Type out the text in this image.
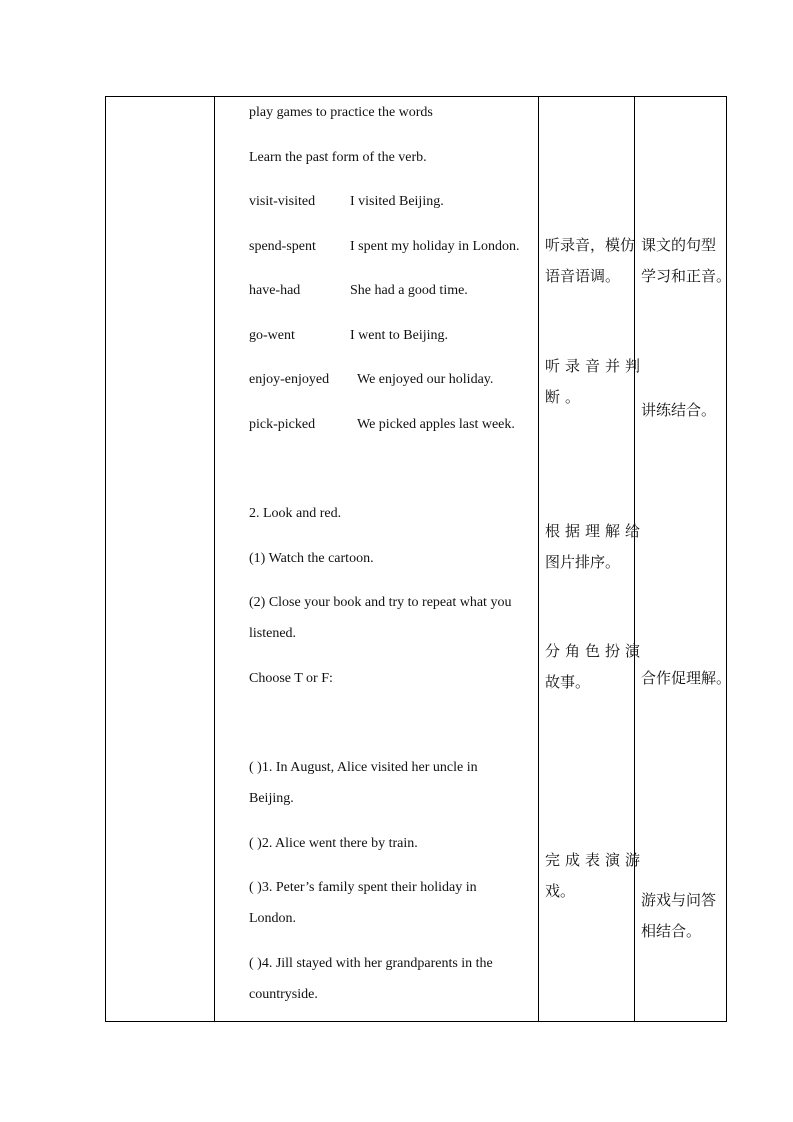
play games to practice the words
Learn the past form of the verb.
visit-visited I visited Beijing.
spend-spent I spent my holiday in London.
have-had	She had a good time.
go-went	I went to Beijing.
enjoy-enjoyed We enjoyed our holiday.
pick-picked	We picked apples last week.
2. Look and red.
(1) Watch the cartoon.
(2) Close your book and try to repeat what you
listened.
Choose T or F:
( )1. In August, Alice visited her uncle in
Beijing.
( )2. Alice went there by train.
( )3. Peter’s family spent their holiday in
London.
( )4. Jill stayed with her grandparents in the
countryside.
听录音，模仿
语音语调。
听录音并判
断。
根据理解给
图片排序。
分角色扮演
故事。
完成表演游
戏。
课文的句型
学习和正音。
讲练结合。
合作促理解。
游戏与问答
相结合。
